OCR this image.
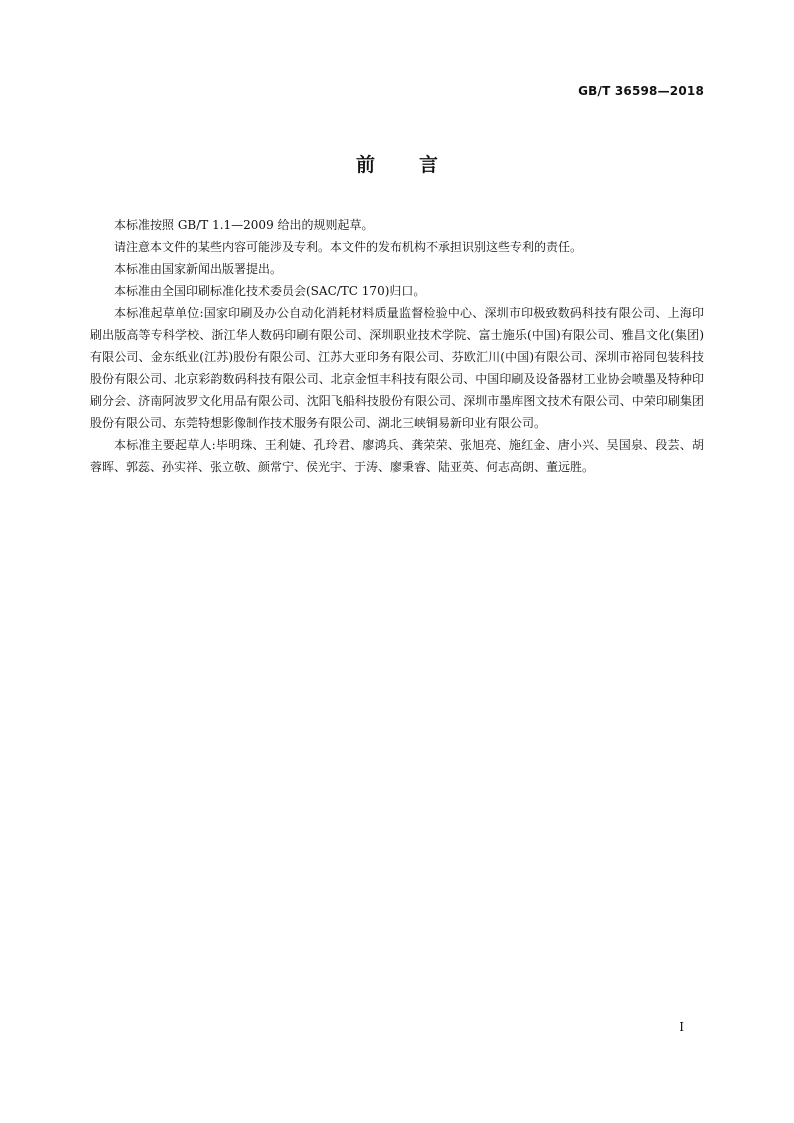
GB/T 36598—2018
前言

本标准按照 GB/T 1.1—2009 给出的规则起草。

请注意本文件的某些内容可能涉及专利。本文件的发布机构不承担识别这些专利的责任。

本标准由国家新闻出版署提出。

本标准由全国印刷标准化技术委员会(SAC/TC 170)归口。

本标准起草单位:国家印刷及办公自动化消耗材料质量监督检验中心、深圳市印极致数码科技有限公司、上海印刷出版高等专科学校、浙江华人数码印刷有限公司、深圳职业技术学院、富士施乐(中国)有限公司、雅昌文化(集团)有限公司、金东纸业(江苏)股份有限公司、江苏大亚印务有限公司、芬欧汇川(中国)有限公司、深圳市裕同包装科技股份有限公司、北京彩韵数码科技有限公司、北京金恒丰科技有限公司、中国印刷及设备器材工业协会喷墨及特种印刷分会、济南阿波罗文化用品有限公司、沈阳飞船科技股份有限公司、深圳市墨库图文技术有限公司、中荣印刷集团股份有限公司、东莞特想影像制作技术服务有限公司、湖北三峡铜易新印业有限公司。

本标准主要起草人:毕明珠、王利婕、孔玲君、廖鸿兵、龚荣荣、张旭亮、施红金、唐小兴、吴国泉、段芸、胡蓉晖、郭蕊、孙实祥、张立敬、颜常宁、侯光宇、于涛、廖秉睿、陆亚英、何志高朗、董远胜。

I
